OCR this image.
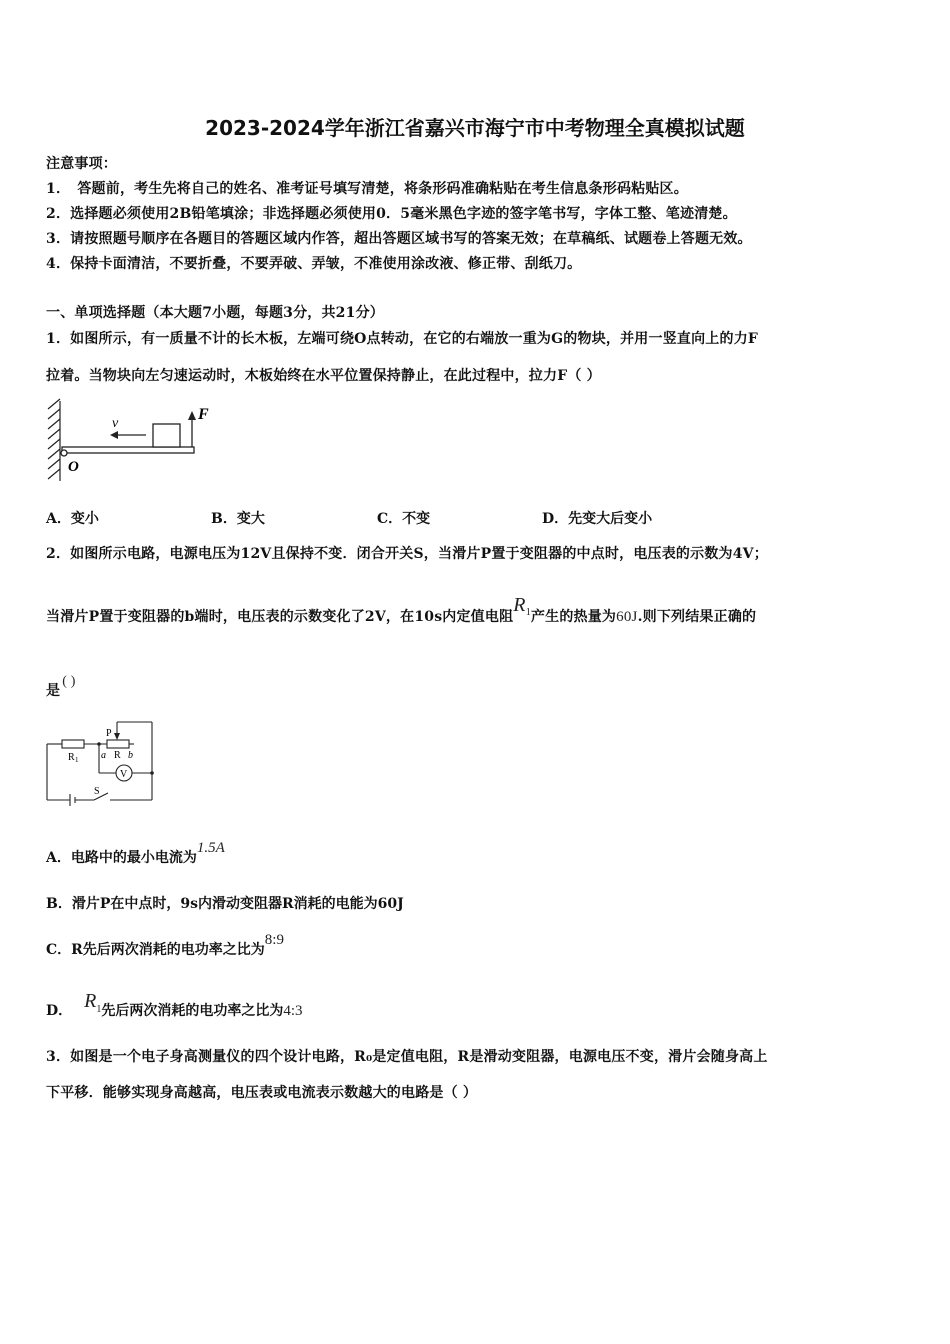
2023-2024学年浙江省嘉兴市海宁市中考物理全真模拟试题
注意事项：
1．　答题前，考生先将自己的姓名、准考证号填写清楚，将条形码准确粘贴在考生信息条形码粘贴区。
2．选择题必须使用2B铅笔填涂；非选择题必须使用0．5毫米黑色字迹的签字笔书写，字体工整、笔迹清楚。
3．请按照题号顺序在各题目的答题区域内作答，超出答题区域书写的答案无效；在草稿纸、试题卷上答题无效。
4．保持卡面清洁，不要折叠，不要弄破、弄皱，不准使用涂改液、修正带、刮纸刀。
一、单项选择题（本大题7小题，每题3分，共21分）
1．如图所示，有一质量不计的长木板，左端可绕O点转动，在它的右端放一重为G的物块，并用一竖直向上的力F
拉着。当物块向左匀速运动时，木板始终在水平位置保持静止，在此过程中，拉力F（ ）
v
F
O
A．变小	B．变大	C．不变	D．先变大后变小
2．如图所示电路，电源电压为12V且保持不变．闭合开关S，当滑片P置于变阻器的中点时，电压表的示数为4V；
当滑片P置于变阻器的b端时，电压表的示数变化了2V，在10s内定值电阻$R^1$产生的热量为60J.则下列结果正确的
是( )
R 1
P
a R b
V
S
A．电路中的最小电流为1.5A
B．滑片P在中点时，9s内滑动变阻器R消耗的电能为60J
C．R先后两次消耗的电功率之比为8:9
D． $R^1$先后两次消耗的电功率之比为4:3
3．如图是一个电子身高测量仪的四个设计电路，R₀是定值电阻，R是滑动变阻器，电源电压不变，滑片会随身高上
下平移．能够实现身高越高，电压表或电流表示数越大的电路是（ ）
